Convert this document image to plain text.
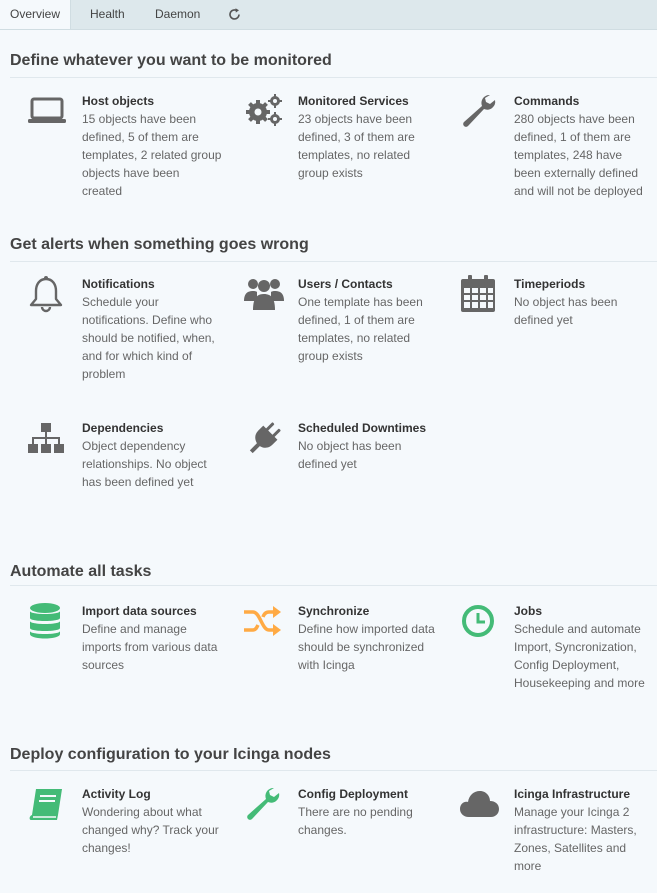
Overview	Health	Daemon
Define whatever you want to be monitored
Host objects
15 objects have been defined, 5 of them are templates, 2 related group objects have been created
Monitored Services
23 objects have been defined, 3 of them are templates, no related group exists
Commands
280 objects have been defined, 1 of them are templates, 248 have been externally defined and will not be deployed
Get alerts when something goes wrong
Notifications
Schedule your notifications. Define who should be notified, when, and for which kind of problem
Users / Contacts
One template has been defined, 1 of them are templates, no related group exists
Timeperiods
No object has been defined yet
Dependencies
Object dependency relationships. No object has been defined yet
Scheduled Downtimes
No object has been defined yet
Automate all tasks
Import data sources
Define and manage imports from various data sources
Synchronize
Define how imported data should be synchronized with Icinga
Jobs
Schedule and automate Import, Syncronization, Config Deployment, Housekeeping and more
Deploy configuration to your Icinga nodes
Activity Log
Wondering about what changed why? Track your changes!
Config Deployment
There are no pending changes.
Icinga Infrastructure
Manage your Icinga 2 infrastructure: Masters, Zones, Satellites and more
